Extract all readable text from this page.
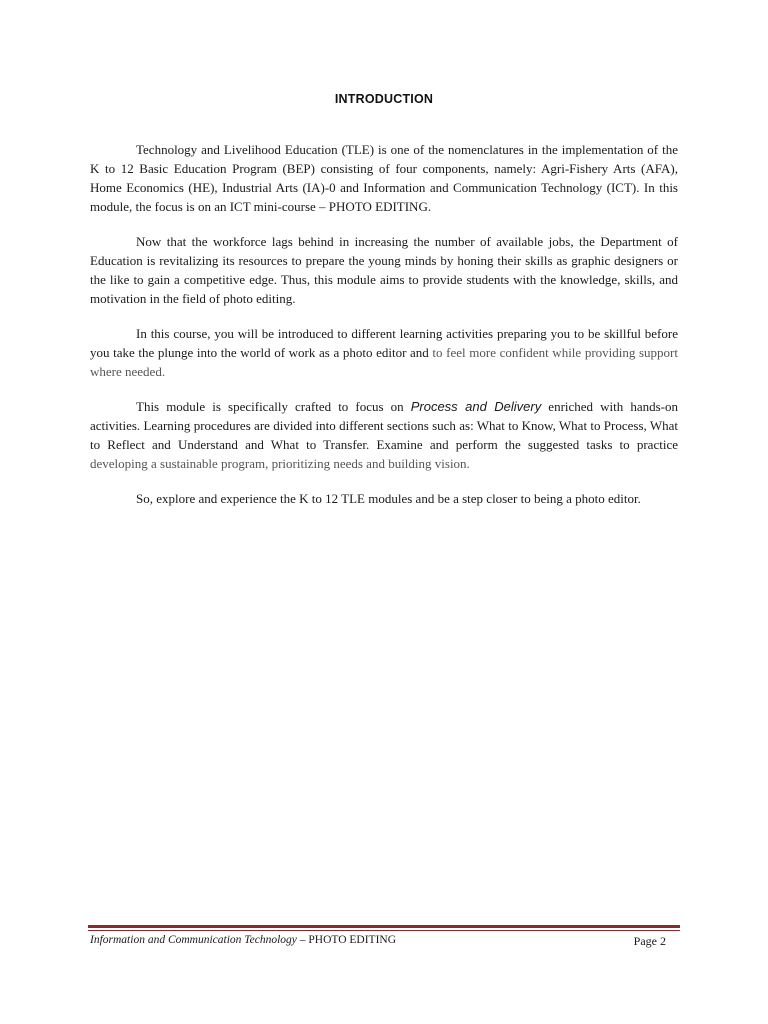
INTRODUCTION

Technology and Livelihood Education (TLE) is one of the nomenclatures in the implementation of the K to 12 Basic Education Program (BEP) consisting of four components, namely: Agri-Fishery Arts (AFA), Home Economics (HE), Industrial Arts (IA)-0 and Information and Communication Technology (ICT). In this module, the focus is on an ICT mini-course – PHOTO EDITING.

Now that the workforce lags behind in increasing the number of available jobs, the Department of Education is revitalizing its resources to prepare the young minds by honing their skills as graphic designers or the like to gain a competitive edge. Thus, this module aims to provide students with the knowledge, skills, and motivation in the field of photo editing.

In this course, you will be introduced to different learning activities preparing you to be skillful before you take the plunge into the world of work as a photo editor and to feel more confident while providing support where needed.

This module is specifically crafted to focus on Process and Delivery enriched with hands-on activities. Learning procedures are divided into different sections such as: What to Know, What to Process, What to Reflect and Understand and What to Transfer. Examine and perform the suggested tasks to practice developing a sustainable program, prioritizing needs and building vision.

So, explore and experience the K to 12 TLE modules and be a step closer to being a photo editor.

Information and Communication Technology – PHOTO EDITING	Page 2
